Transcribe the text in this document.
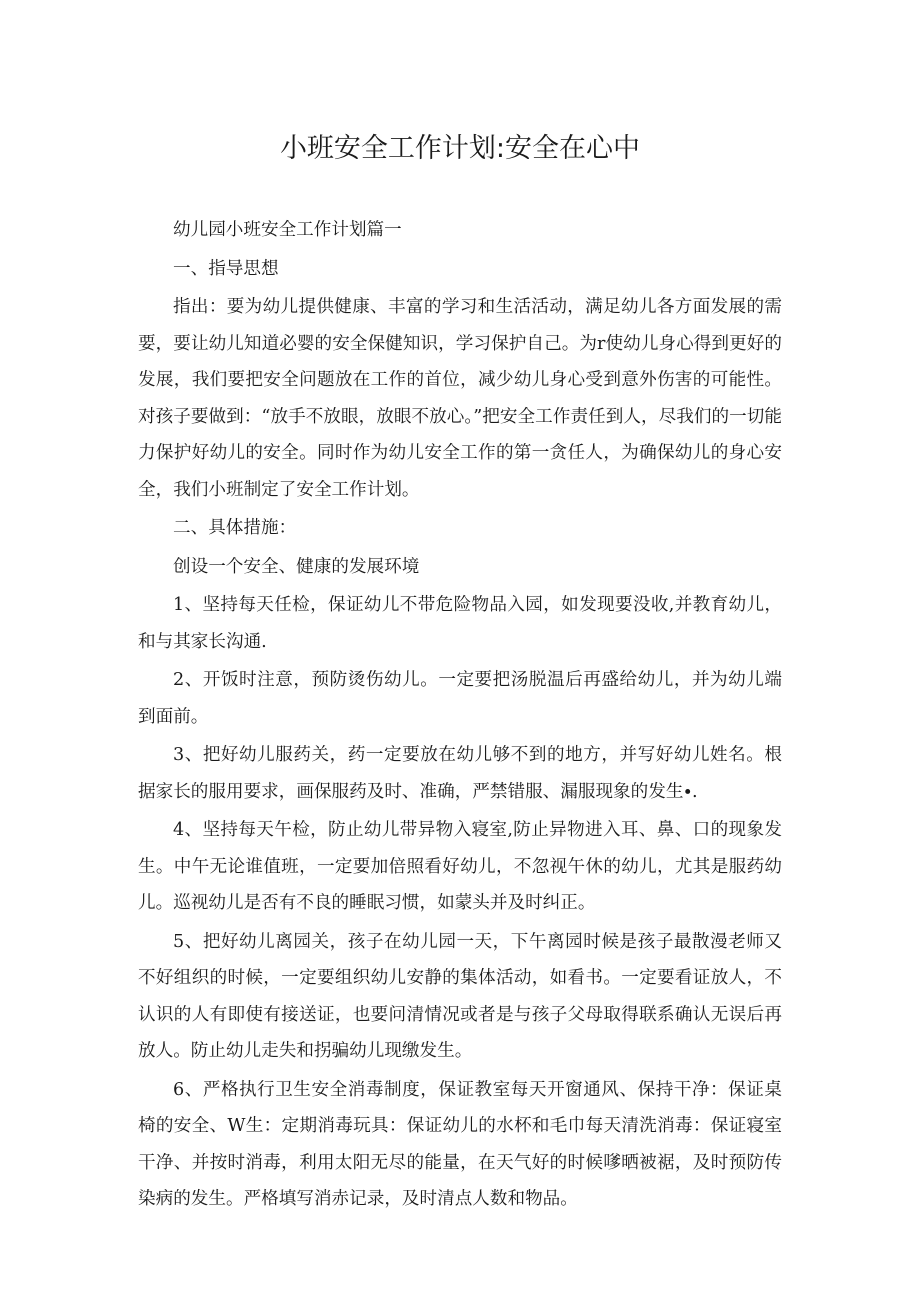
小班安全工作计划:安全在心中

幼儿园小班安全工作计划篇一

一、指导思想

指出：要为幼儿提供健康、丰富的学习和生活活动，满足幼儿各方面发展的需要，要让幼儿知道必婴的安全保健知识，学习保护自己。为r使幼儿身心得到更好的发展，我们要把安全问题放在工作的首位，减少幼儿身心受到意外伤害的可能性。对孩子要做到：“放手不放眼，放眼不放心。”把安全工作责任到人，尽我们的一切能力保护好幼儿的安全。同时作为幼儿安全工作的第一贪任人，为确保幼儿的身心安全，我们小班制定了安全工作计划。

二、具体措施：

创设一个安全、健康的发展环境

1、坚持每天任检，保证幼儿不带危险物品入园，如发现要没收,并教育幼儿，和与其家长沟通.

2、开饭时注意，预防烫伤幼儿。一定要把汤脱温后再盛给幼儿，并为幼儿端到面前。

3、把好幼儿服药关，药一定要放在幼儿够不到的地方，并写好幼儿姓名。根据家长的服用要求，画保服药及时、准确，严禁错服、漏服现象的发生∙.

4、坚持每天午检，防止幼儿带异物入寝室,防止异物进入耳、鼻、口的现象发生。中午无论谁值班，一定要加倍照看好幼儿，不忽视午休的幼儿，尤其是服药幼儿。巡视幼儿是否有不良的睡眠习惯，如蒙头并及时纠正。

5、把好幼儿离园关，孩子在幼儿园一天，下午离园时候是孩子最散漫老师又不好组织的时候，一定要组织幼儿安静的集体活动，如看书。一定要看证放人，不认识的人有即使有接送证，也要问清情况或者是与孩子父母取得联系确认无误后再放人。防止幼儿走失和拐骗幼儿现缴发生。

6、严格执行卫生安全消毒制度，保证教室每天开窗通风、保持干净：保证桌椅的安全、W生：定期消毒玩具：保证幼儿的水杯和毛巾每天清洗消毒：保证寝室干净、并按时消毒，利用太阳无尽的能量，在天气好的时候嗲晒被裾，及时预防传染病的发生。严格填写消赤记录，及时清点人数和物品。
